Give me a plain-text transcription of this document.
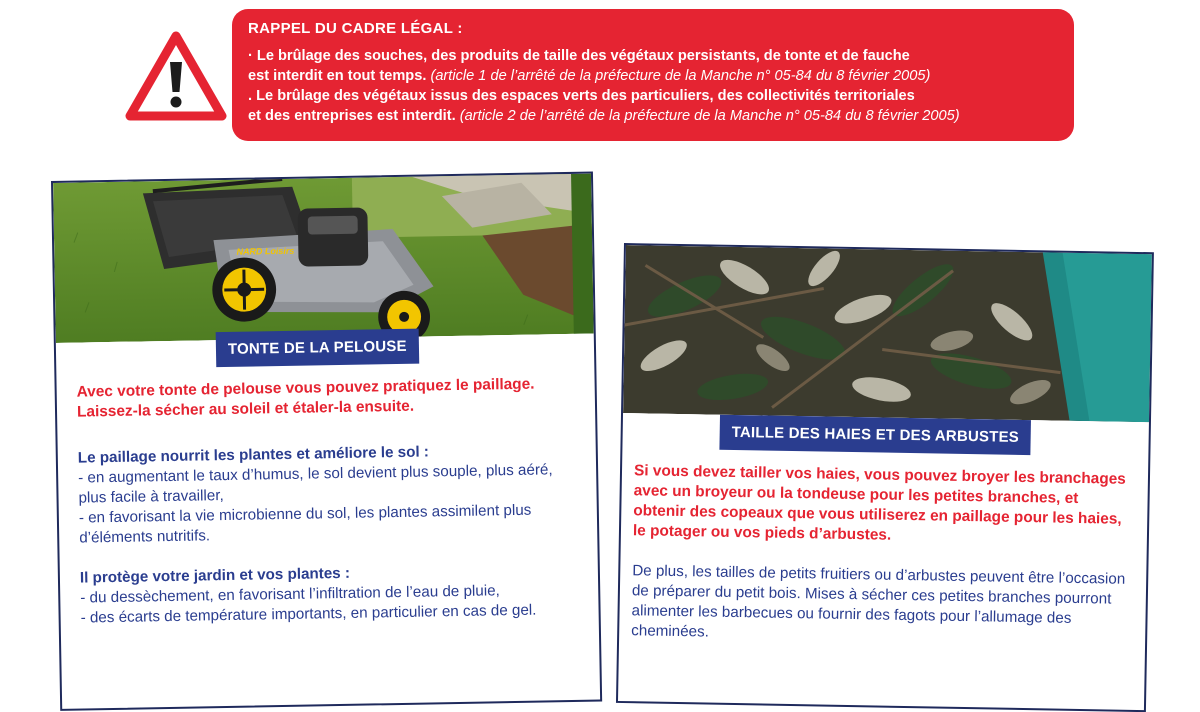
RAPPEL DU CADRE LÉGAL :
· Le brûlage des souches, des produits de taille des végétaux persistants, de tonte et de fauche
est interdit en tout temps. (article 1 de l’arrêté de la préfecture de la Manche n° 05-84 du 8 février 2005)
. Le brûlage des végétaux issus des espaces verts des particuliers, des collectivités territoriales
et des entreprises est interdit. (article 2 de l’arrêté de la préfecture de la Manche n° 05-84 du 8 février 2005)
NARD Loisirs
TONTE DE LA PELOUSE

Avec votre tonte de pelouse vous pouvez pratiquez le paillage. Laissez-la sécher au soleil et étaler-la ensuite.

Le paillage nourrit les plantes et améliore le sol :

- en augmentant le taux d’humus, le sol devient plus souple, plus aéré, plus facile à travailler,

- en favorisant la vie microbienne du sol, les plantes assimilent plus d’éléments nutritifs.

Il protège votre jardin et vos plantes :

- du dessèchement, en favorisant l’infiltration de l’eau de pluie,

- des écarts de température importants, en particulier en cas de gel.

TAILLE DES HAIES ET DES ARBUSTES

Si vous devez tailler vos haies, vous pouvez broyer les branchages avec un broyeur ou la tondeuse pour les petites branches, et obtenir des copeaux que vous utiliserez en paillage pour les haies, le potager ou vos pieds d’arbustes.

De plus, les tailles de petits fruitiers ou d’arbustes peuvent être l’occasion de préparer du petit bois. Mises à sécher ces petites branches pourront alimenter les barbecues ou fournir des fagots pour l’allumage des cheminées.
